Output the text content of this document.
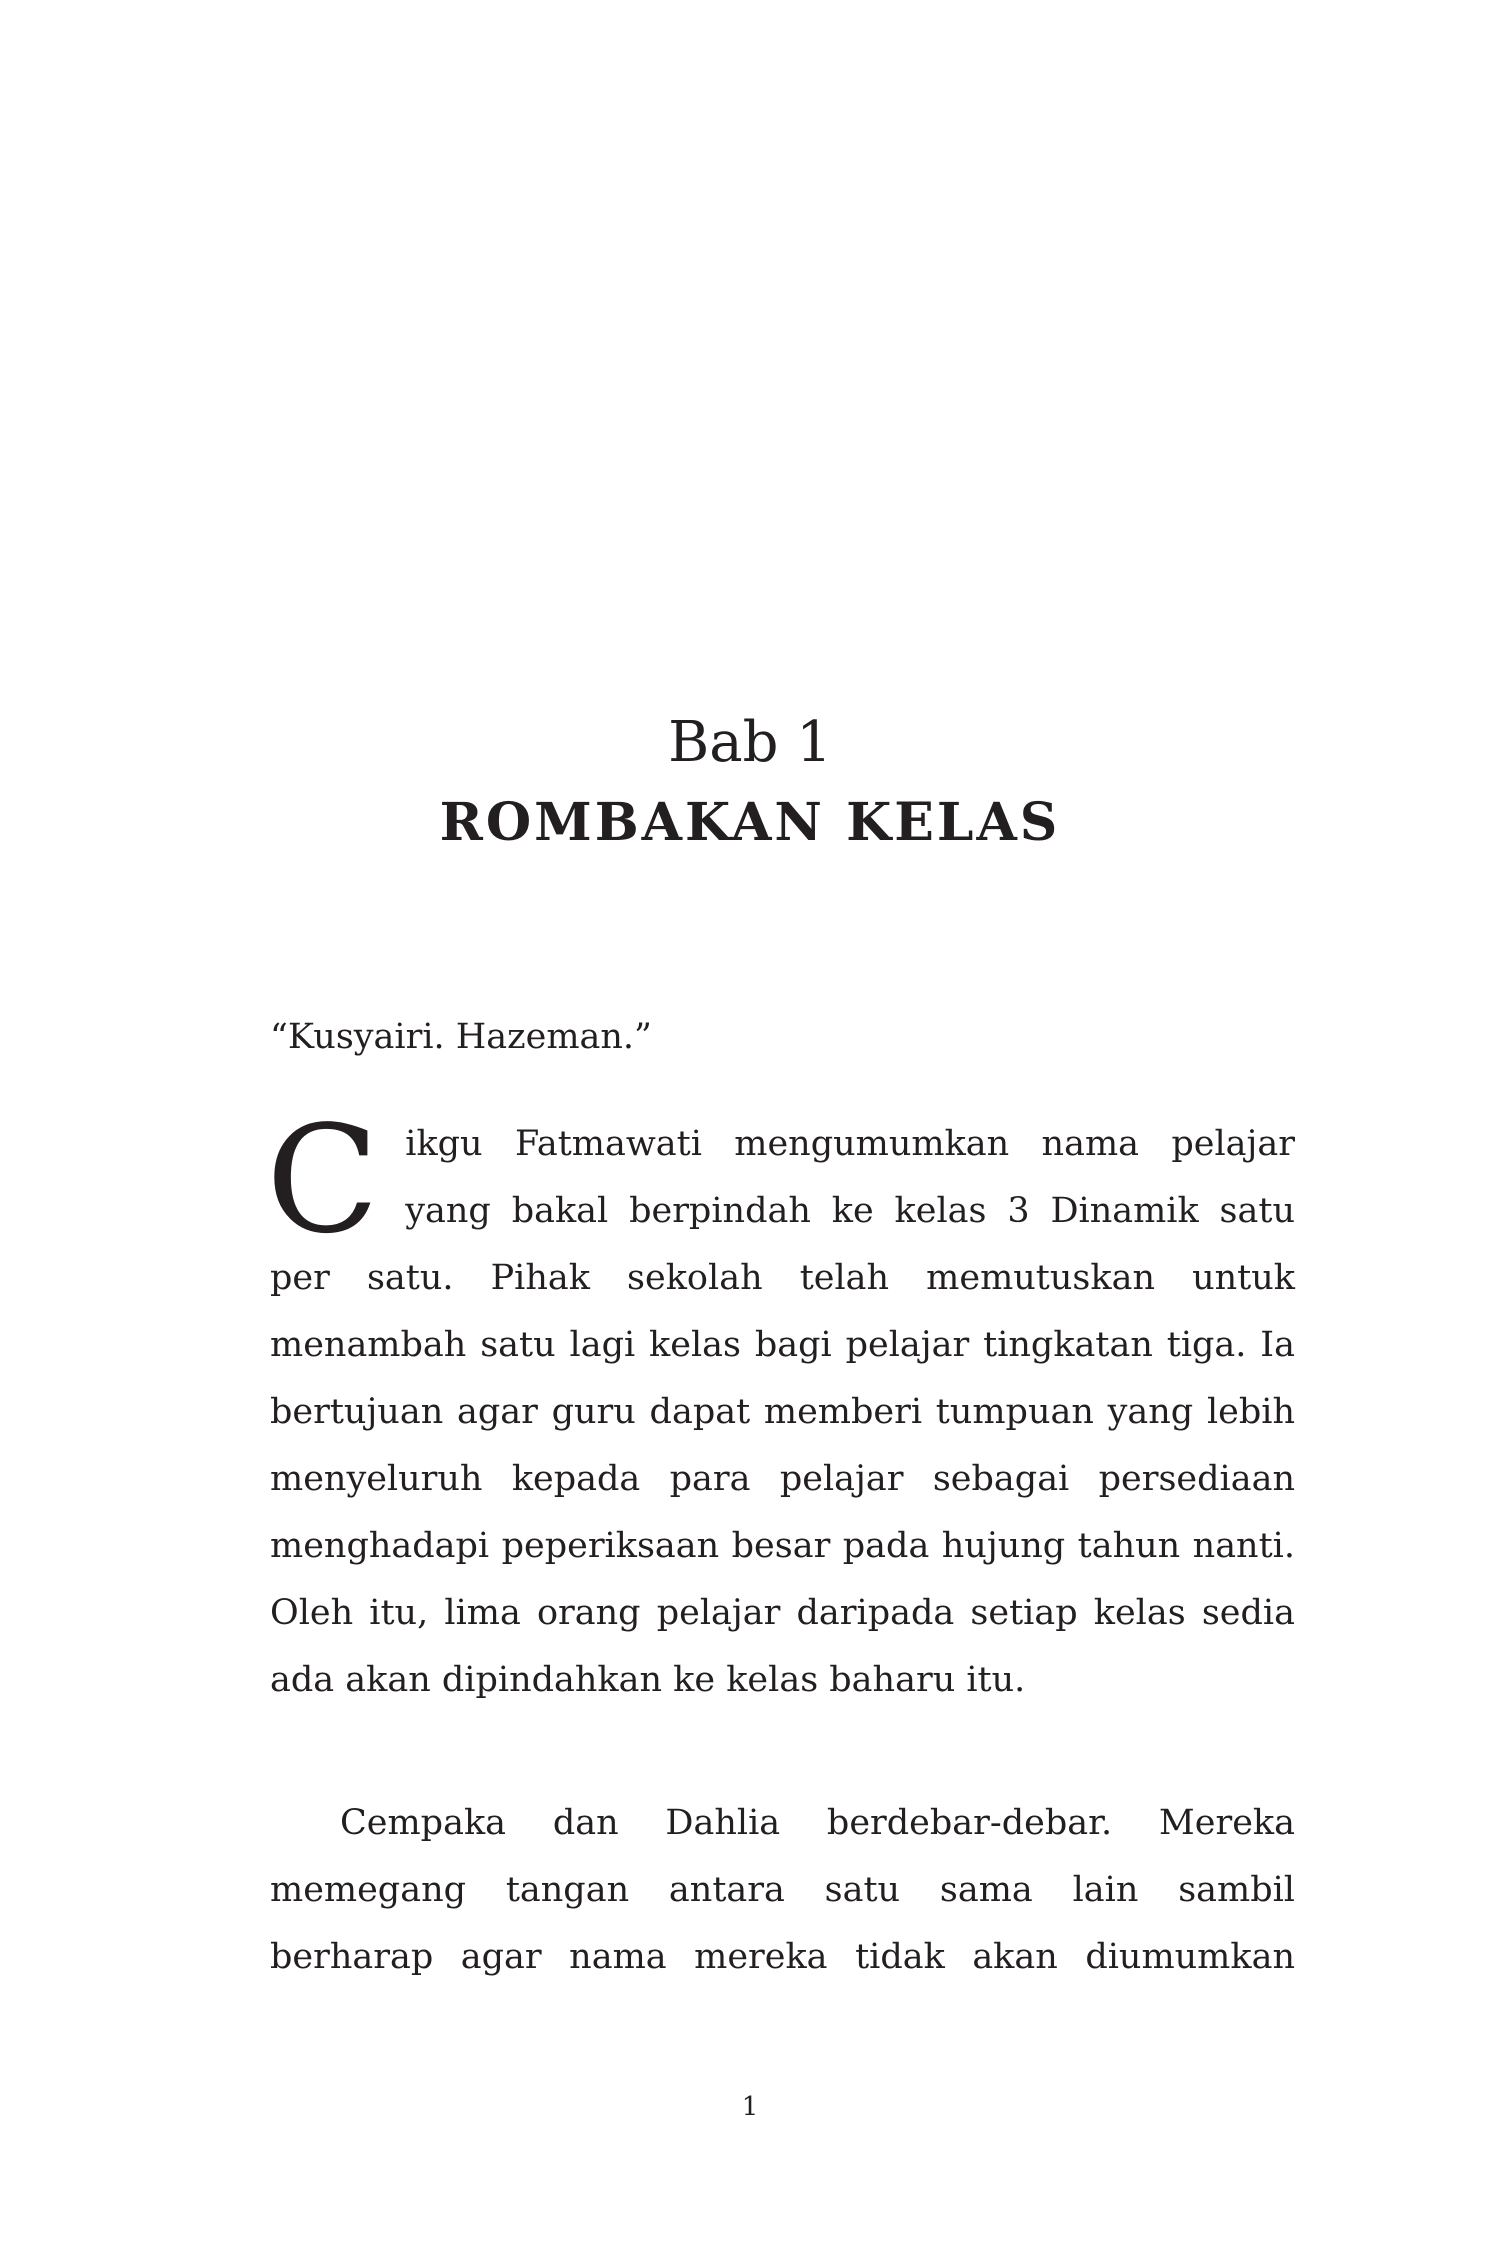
Bab 1
ROMBAKAN KELAS
“Kusyairi. Hazeman.”
Cikgu Fatmawati mengumumkan nama pelajar yang bakal berpindah ke kelas 3 Dinamik satu per satu. Pihak sekolah telah memutuskan untuk menambah satu lagi kelas bagi pelajar tingkatan tiga. Ia bertujuan agar guru dapat memberi tumpuan yang lebih menyeluruh kepada para pelajar sebagai persediaan menghadapi peperiksaan besar pada hujung tahun nanti. Oleh itu, lima orang pelajar daripada setiap kelas sedia ada akan dipindahkan ke kelas baharu itu.
Cempaka dan Dahlia berdebar-debar. Mereka memegang tangan antara satu sama lain sambil berharap agar nama mereka tidak akan diumumkan
1
